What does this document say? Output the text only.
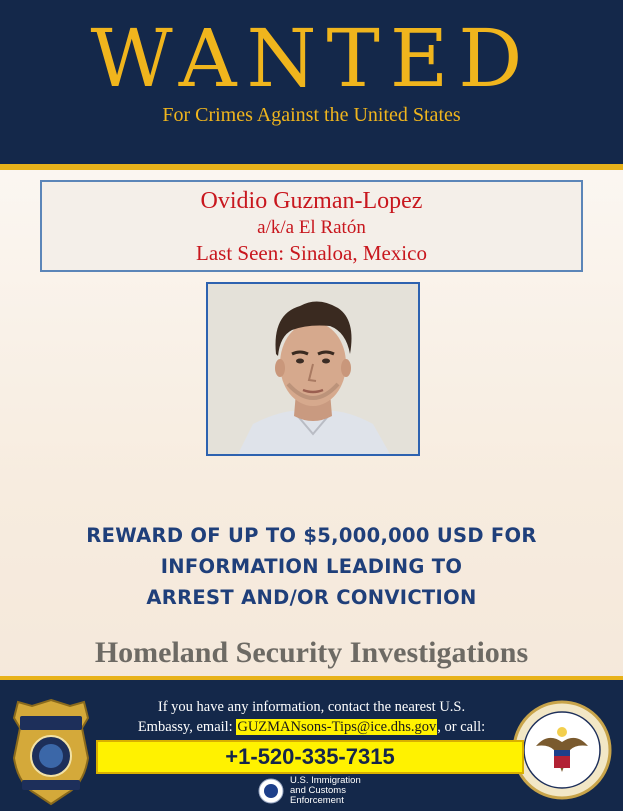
WANTED
For Crimes Against the United States
Ovidio Guzman-Lopez
a/k/a El Ratón
Last Seen: Sinaloa, Mexico
REWARD OF UP TO $5,000,000 USD FOR
INFORMATION LEADING TO
ARREST AND/OR CONVICTION
Homeland Security Investigations
If you have any information, contact the nearest U.S.
Embassy, email: GUZMANsons-Tips@ice.dhs.gov, or call:
+1-520-335-7315
U.S. Immigration
and Customs
Enforcement
